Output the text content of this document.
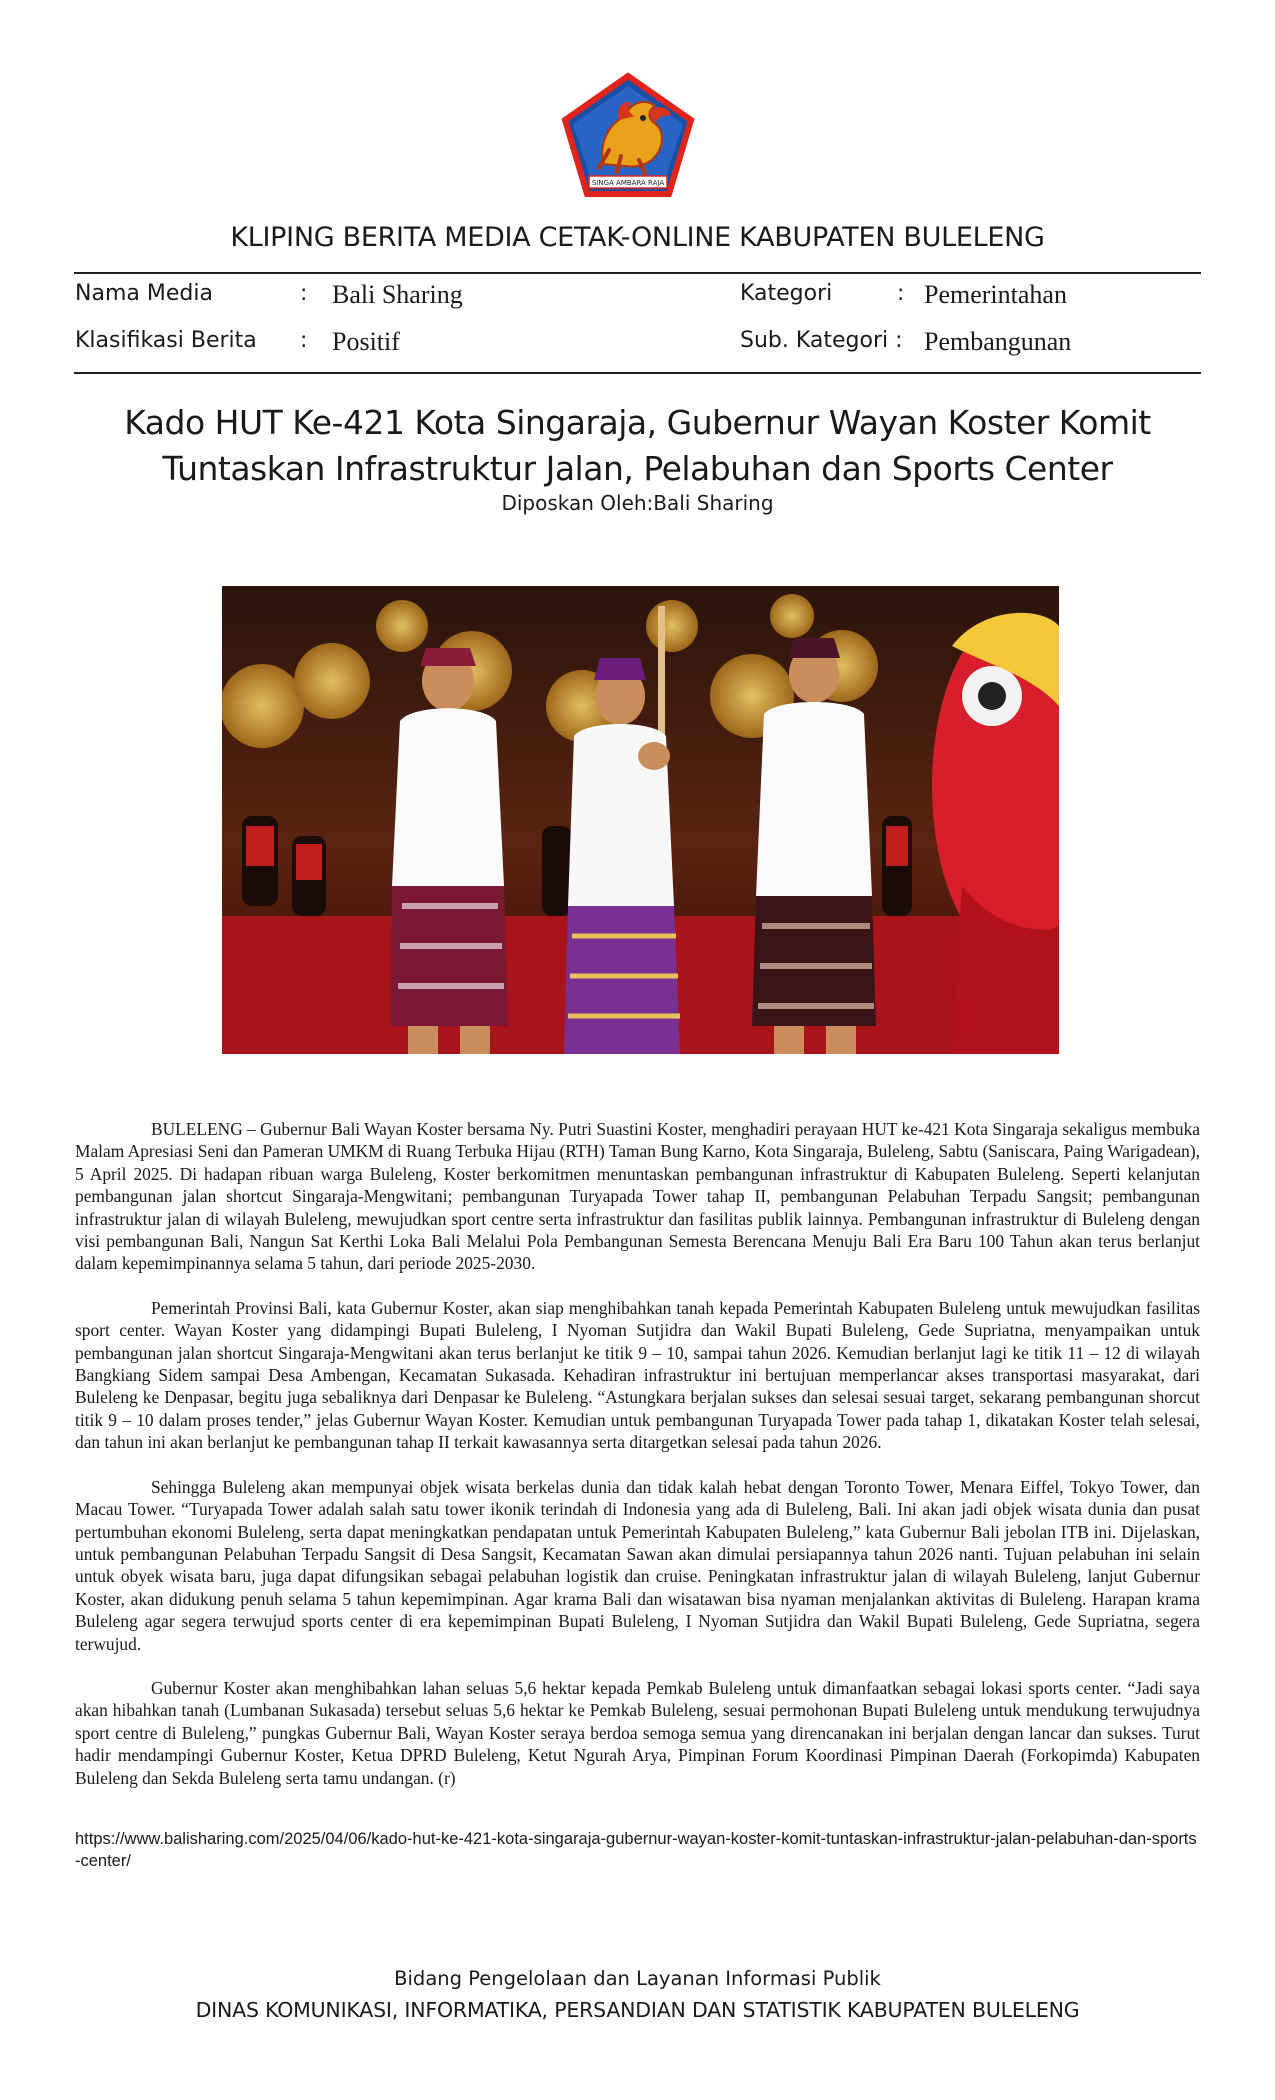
SINGA AMBARA RAJA
KLIPING BERITA MEDIA CETAK-ONLINE KABUPATEN BULELENG
Nama Media	: Bali Sharing	Kategori	: Pemerintahan
Klasifikasi Berita : Positif	Sub. Kategori : Pembangunan
Kado HUT Ke-421 Kota Singaraja, Gubernur Wayan Koster Komit
Tuntaskan Infrastruktur Jalan, Pelabuhan dan Sports Center
Diposkan Oleh:Bali Sharing

BULELENG – Gubernur Bali Wayan Koster bersama Ny. Putri Suastini Koster, menghadiri perayaan HUT ke-421 Kota Singaraja sekaligus membuka Malam Apresiasi Seni dan Pameran UMKM di Ruang Terbuka Hijau (RTH) Taman Bung Karno, Kota Singaraja, Buleleng, Sabtu (Saniscara, Paing Warigadean), 5 April 2025. Di hadapan ribuan warga Buleleng, Koster berkomitmen menuntaskan pembangunan infrastruktur di Kabupaten Buleleng. Seperti kelanjutan pembangunan jalan shortcut Singaraja-Mengwitani; pembangunan Turyapada Tower tahap II, pembangunan Pelabuhan Terpadu Sangsit; pembangunan infrastruktur jalan di wilayah Buleleng, mewujudkan sport centre serta infrastruktur dan fasilitas publik lainnya. Pembangunan infrastruktur di Buleleng dengan visi pembangunan Bali, Nangun Sat Kerthi Loka Bali Melalui Pola Pembangunan Semesta Berencana Menuju Bali Era Baru 100 Tahun akan terus berlanjut dalam kepemimpinannya selama 5 tahun, dari periode 2025-2030.

Pemerintah Provinsi Bali, kata Gubernur Koster, akan siap menghibahkan tanah kepada Pemerintah Kabupaten Buleleng untuk mewujudkan fasilitas sport center. Wayan Koster yang didampingi Bupati Buleleng, I Nyoman Sutjidra dan Wakil Bupati Buleleng, Gede Supriatna, menyampaikan untuk pembangunan jalan shortcut Singaraja-Mengwitani akan terus berlanjut ke titik 9 – 10, sampai tahun 2026. Kemudian berlanjut lagi ke titik 11 – 12 di wilayah Bangkiang Sidem sampai Desa Ambengan, Kecamatan Sukasada. Kehadiran infrastruktur ini bertujuan memperlancar akses transportasi masyarakat, dari Buleleng ke Denpasar, begitu juga sebaliknya dari Denpasar ke Buleleng. “Astungkara berjalan sukses dan selesai sesuai target, sekarang pembangunan shorcut titik 9 – 10 dalam proses tender,” jelas Gubernur Wayan Koster. Kemudian untuk pembangunan Turyapada Tower pada tahap 1, dikatakan Koster telah selesai, dan tahun ini akan berlanjut ke pembangunan tahap II terkait kawasannya serta ditargetkan selesai pada tahun 2026.

Sehingga Buleleng akan mempunyai objek wisata berkelas dunia dan tidak kalah hebat dengan Toronto Tower, Menara Eiffel, Tokyo Tower, dan Macau Tower. “Turyapada Tower adalah salah satu tower ikonik terindah di Indonesia yang ada di Buleleng, Bali. Ini akan jadi objek wisata dunia dan pusat pertumbuhan ekonomi Buleleng, serta dapat meningkatkan pendapatan untuk Pemerintah Kabupaten Buleleng,” kata Gubernur Bali jebolan ITB ini. Dijelaskan, untuk pembangunan Pelabuhan Terpadu Sangsit di Desa Sangsit, Kecamatan Sawan akan dimulai persiapannya tahun 2026 nanti. Tujuan pelabuhan ini selain untuk obyek wisata baru, juga dapat difungsikan sebagai pelabuhan logistik dan cruise. Peningkatan infrastruktur jalan di wilayah Buleleng, lanjut Gubernur Koster, akan didukung penuh selama 5 tahun kepemimpinan. Agar krama Bali dan wisatawan bisa nyaman menjalankan aktivitas di Buleleng. Harapan krama Buleleng agar segera terwujud sports center di era kepemimpinan Bupati Buleleng, I Nyoman Sutjidra dan Wakil Bupati Buleleng, Gede Supriatna, segera terwujud.

Gubernur Koster akan menghibahkan lahan seluas 5,6 hektar kepada Pemkab Buleleng untuk dimanfaatkan sebagai lokasi sports center. “Jadi saya akan hibahkan tanah (Lumbanan Sukasada) tersebut seluas 5,6 hektar ke Pemkab Buleleng, sesuai permohonan Bupati Buleleng untuk mendukung terwujudnya sport centre di Buleleng,” pungkas Gubernur Bali, Wayan Koster seraya berdoa semoga semua yang direncanakan ini berjalan dengan lancar dan sukses. Turut hadir mendampingi Gubernur Koster, Ketua DPRD Buleleng, Ketut Ngurah Arya, Pimpinan Forum Koordinasi Pimpinan Daerah (Forkopimda) Kabupaten Buleleng dan Sekda Buleleng serta tamu undangan. (r)

https://www.balisharing.com/2025/04/06/kado-hut-ke-421-kota-singaraja-gubernur-wayan-koster-komit-tuntaskan-infrastruktur-jalan-pelabuhan-dan-sports-center/
Bidang Pengelolaan dan Layanan Informasi Publik
DINAS KOMUNIKASI, INFORMATIKA, PERSANDIAN DAN STATISTIK KABUPATEN BULELENG
